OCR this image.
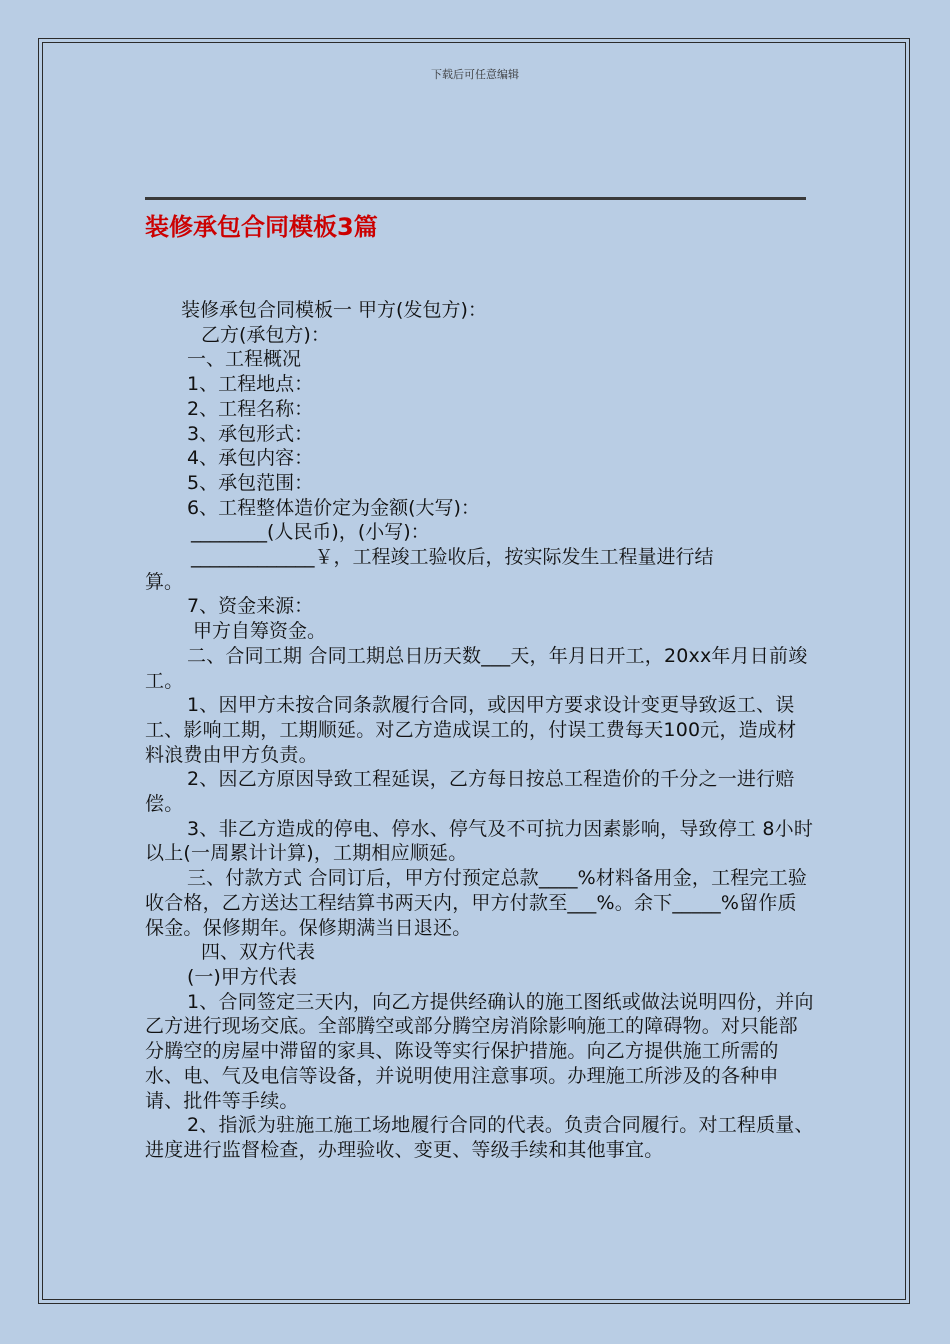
下载后可任意编辑
装修承包合同模板3篇

装修承包合同模板一 甲方(发包方)：

乙方(承包方)：

一、工程概况

1、工程地点：

2、工程名称：

3、承包形式：

4、承包内容：

5、承包范围：

6、工程整体造价定为金额(大写)：

________(人民币)，(小写)：

_____________￥，工程竣工验收后，按实际发生工程量进行结

算。

7、资金来源：

甲方自筹资金。

二、合同工期 合同工期总日历天数___天，年月日开工，20xx年月日前竣工。

1、因甲方未按合同条款履行合同，或因甲方要求设计变更导致返工、误工、影响工期，工期顺延。对乙方造成误工的，付误工费每天100元，造成材料浪费由甲方负责。

2、因乙方原因导致工程延误，乙方每日按总工程造价的千分之一进行赔偿。

3、非乙方造成的停电、停水、停气及不可抗力因素影响，导致停工 8小时以上(一周累计计算)，工期相应顺延。

三、付款方式 合同订后，甲方付预定总款____%材料备用金，工程完工验收合格，乙方送达工程结算书两天内，甲方付款至___%。余下_____%留作质保金。保修期年。保修期满当日退还。

四、双方代表

(一)甲方代表

1、合同签定三天内，向乙方提供经确认的施工图纸或做法说明四份，并向乙方进行现场交底。全部腾空或部分腾空房消除影响施工的障碍物。对只能部分腾空的房屋中滞留的家具、陈设等实行保护措施。向乙方提供施工所需的水、电、气及电信等设备，并说明使用注意事项。办理施工所涉及的各种申请、批件等手续。

2、指派为驻施工施工场地履行合同的代表。负责合同履行。对工程质量、进度进行监督检查，办理验收、变更、等级手续和其他事宜。
